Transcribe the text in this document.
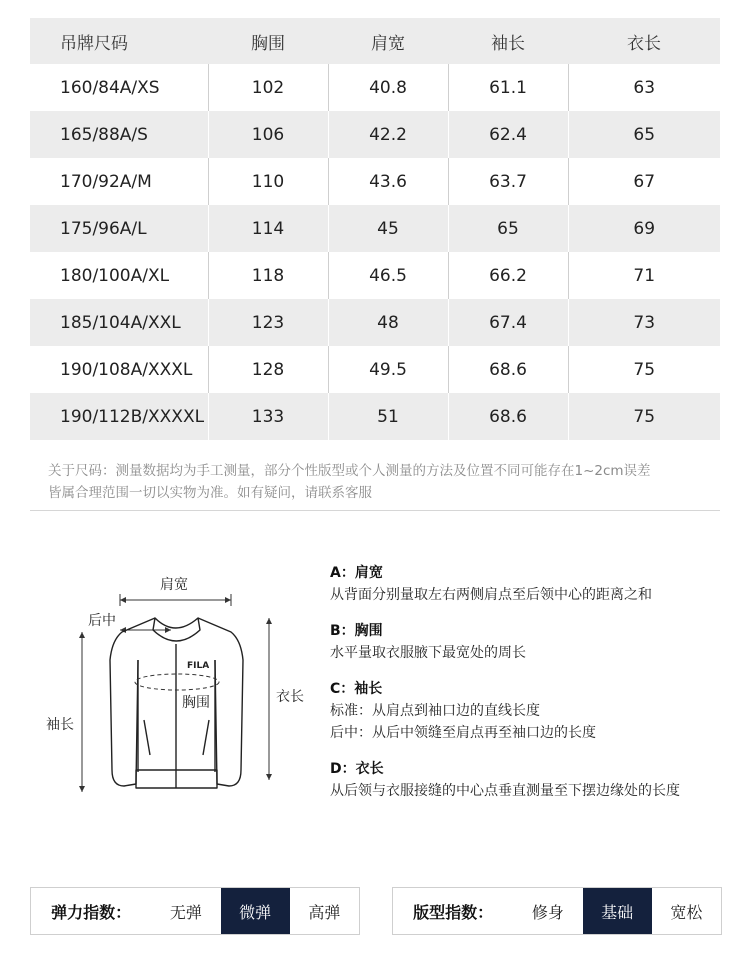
吊牌尺码	胸围	肩宽	袖长	衣长
160/84A/XS	102	40.8	61.1	63
165/88A/S	106	42.2	62.4	65
170/92A/M	110	43.6	63.7	67
175/96A/L	114	45	65	69
180/100A/XL	118	46.5	66.2	71
185/104A/XXL	123	48	67.4	73
190/108A/XXXL	128	49.5	68.6	75
190/112B/XXXXL	133	51	68.6	75
关于尺码：测量数据均为手工测量，部分个性版型或个人测量的方法及位置不同可能存在1~2cm误差
皆属合理范围一切以实物为准。如有疑问，请联系客服
FILA
肩宽
后中
胸围
袖长
衣长
A：肩宽
从背面分别量取左右两侧肩点至后领中心的距离之和
B：胸围
水平量取衣服腋下最宽处的周长
C：袖长
标准：从肩点到袖口边的直线长度
后中：从后中领缝至肩点再至袖口边的长度
D：衣长
从后领与衣服接缝的中心点垂直测量至下摆边缘处的长度
弹力指数：	无弹	微弹	高弹	版型指数：	修身	基础	宽松
